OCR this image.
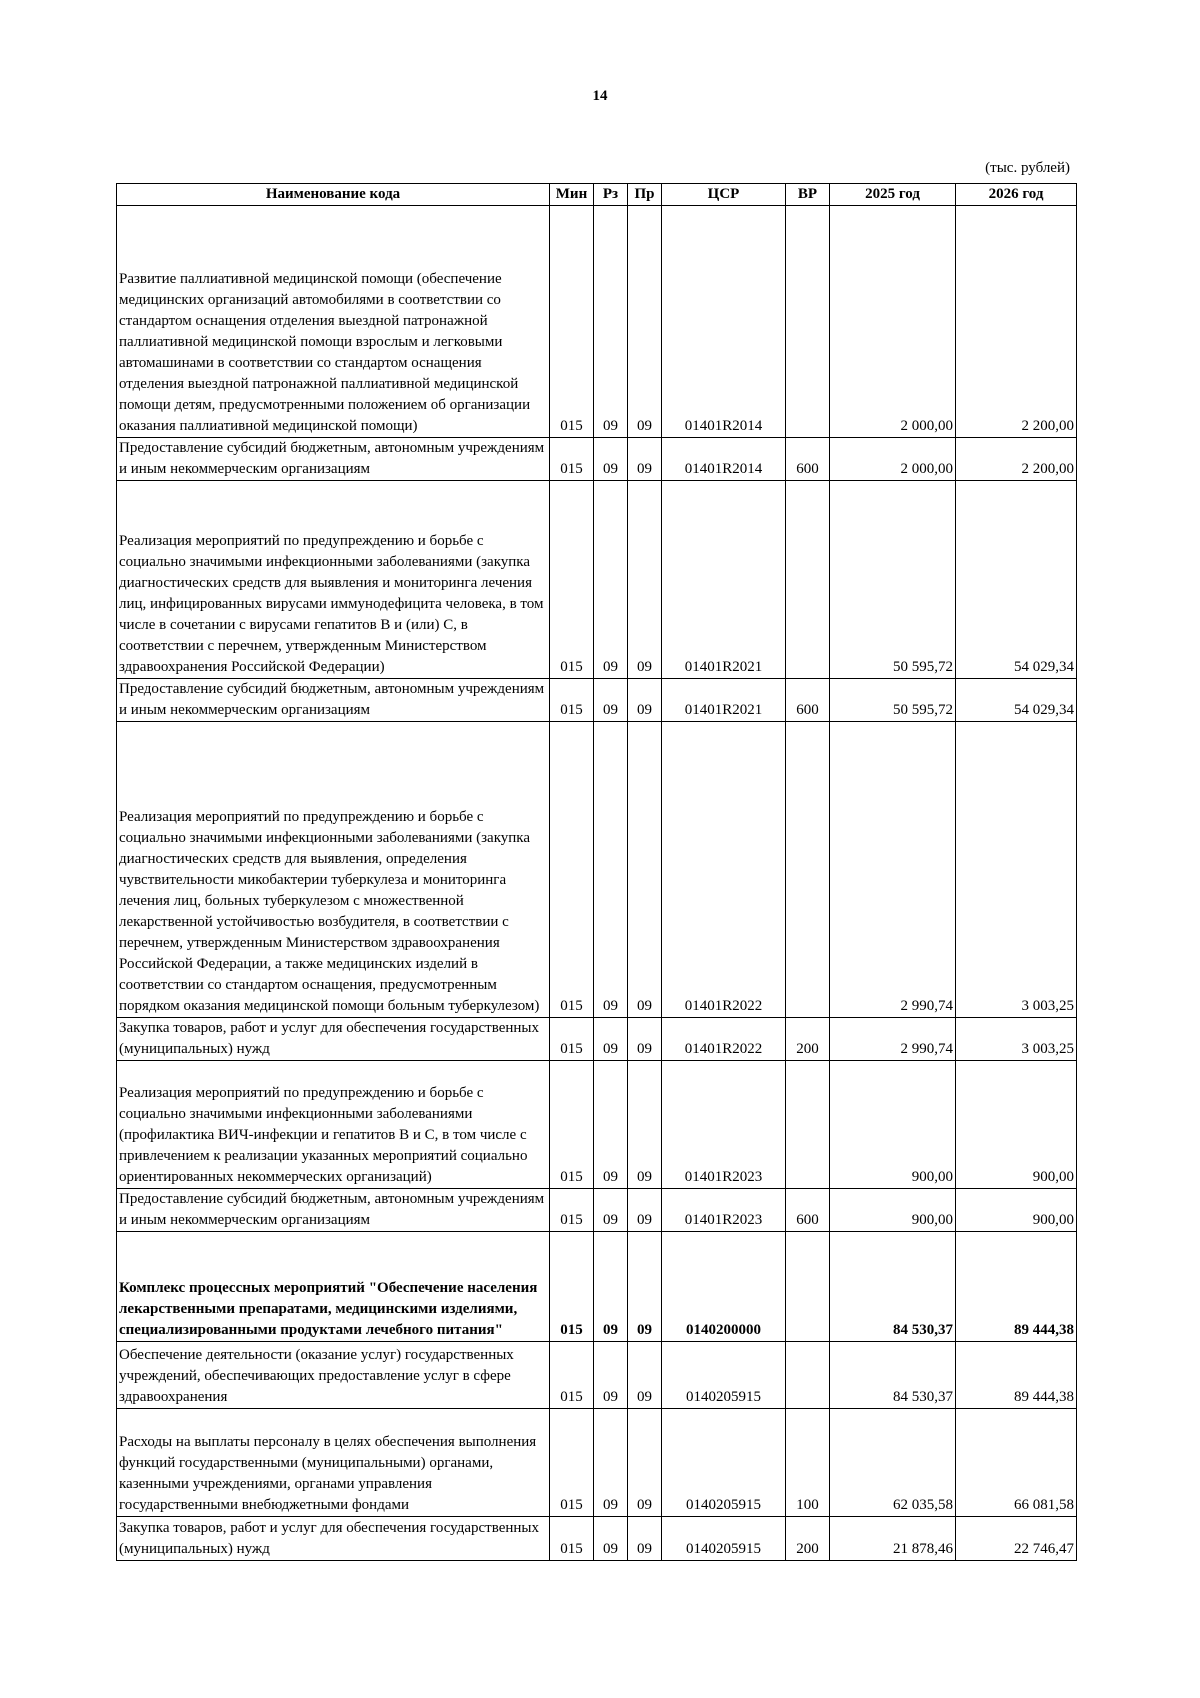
14
(тыс. рублей)
Наименование кода	Мин	Рз	Пр	ЦСР	ВР	2025 год	2026 год
Развитие паллиативной медицинской помощи (обеспечение медицинских организаций автомобилями в соответствии со стандартом оснащения отделения выездной патронажной паллиативной медицинской помощи взрослым и легковыми автомашинами в соответствии со стандартом оснащения отделения выездной патронажной паллиативной медицинской помощи детям, предусмотренными положением об организации оказания паллиативной медицинской помощи)	015	09	09	01401R2014		2 000,00	2 200,00
Предоставление субсидий бюджетным, автономным учреждениям и иным некоммерческим организациям	015	09	09	01401R2014	600	2 000,00	2 200,00
Реализация мероприятий по предупреждению и борьбе с социально значимыми инфекционными заболеваниями (закупка диагностических средств для выявления и мониторинга лечения лиц, инфицированных вирусами иммунодефицита человека, в том числе в сочетании с вирусами гепатитов В и (или) С, в соответствии с перечнем, утвержденным Министерством здравоохранения Российской Федерации)	015	09	09	01401R2021		50 595,72	54 029,34
Предоставление субсидий бюджетным, автономным учреждениям и иным некоммерческим организациям	015	09	09	01401R2021	600	50 595,72	54 029,34
Реализация мероприятий по предупреждению и борьбе с социально значимыми инфекционными заболеваниями (закупка диагностических средств для выявления, определения чувствительности микобактерии туберкулеза и мониторинга лечения лиц, больных туберкулезом с множественной лекарственной устойчивостью возбудителя, в соответствии с перечнем, утвержденным Министерством здравоохранения Российской Федерации, а также медицинских изделий в соответствии со стандартом оснащения, предусмотренным порядком оказания медицинской помощи больным туберкулезом)	015	09	09	01401R2022		2 990,74	3 003,25
Закупка товаров, работ и услуг для обеспечения государственных (муниципальных) нужд	015	09	09	01401R2022	200	2 990,74	3 003,25
Реализация мероприятий по предупреждению и борьбе с социально значимыми инфекционными заболеваниями (профилактика ВИЧ-инфекции и гепатитов В и С, в том числе с привлечением к реализации указанных мероприятий социально ориентированных некоммерческих организаций)	015	09	09	01401R2023		900,00	900,00
Предоставление субсидий бюджетным, автономным учреждениям и иным некоммерческим организациям	015	09	09	01401R2023	600	900,00	900,00
Комплекс процессных мероприятий "Обеспечение населения лекарственными препаратами, медицинскими изделиями, специализированными продуктами лечебного питания"	015	09	09	0140200000		84 530,37	89 444,38
Обеспечение деятельности (оказание услуг) государственных учреждений, обеспечивающих предоставление услуг в сфере здравоохранения	015	09	09	0140205915		84 530,37	89 444,38
Расходы на выплаты персоналу в целях обеспечения выполнения функций государственными (муниципальными) органами, казенными учреждениями, органами управления государственными внебюджетными фондами	015	09	09	0140205915	100	62 035,58	66 081,58
Закупка товаров, работ и услуг для обеспечения государственных (муниципальных) нужд	015	09	09	0140205915	200	21 878,46	22 746,47
